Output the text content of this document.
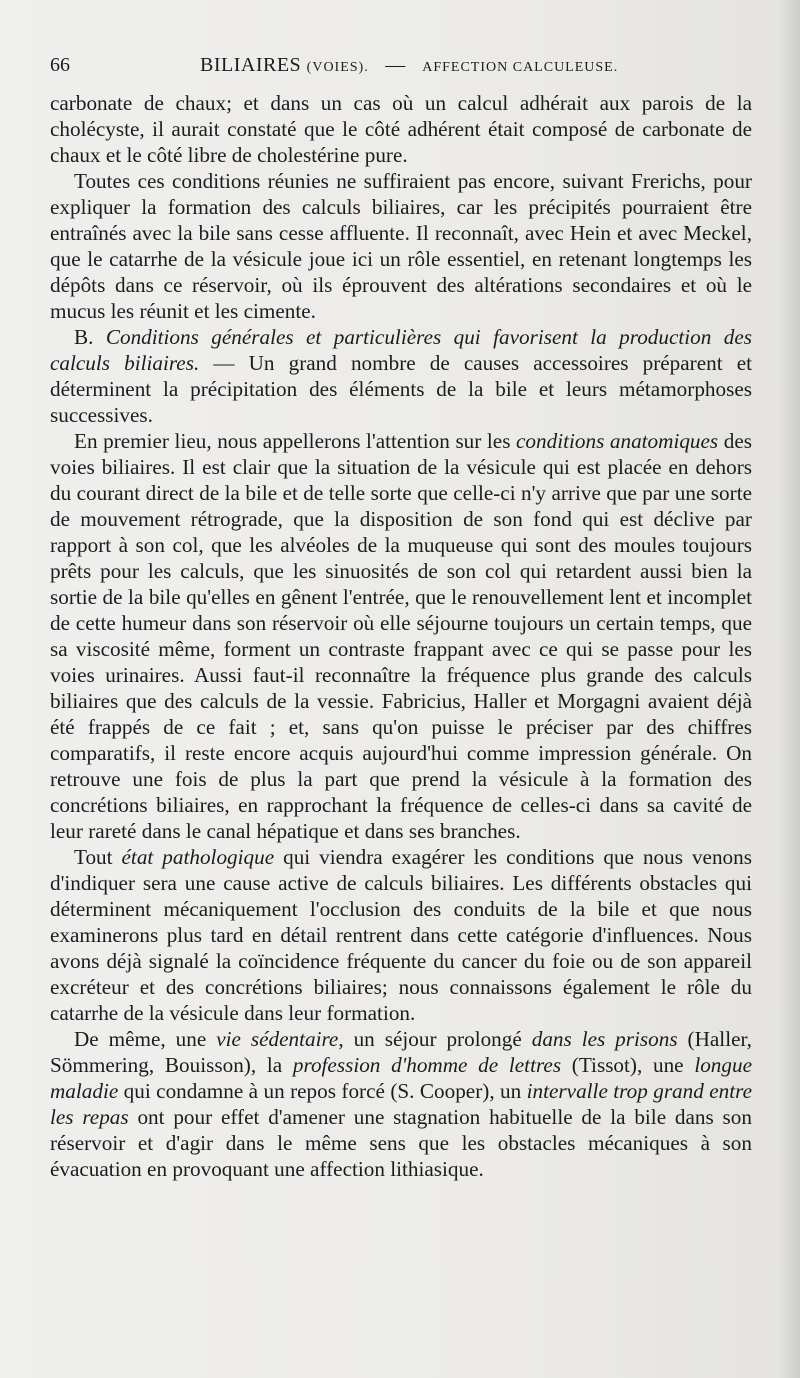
66	BILIAIRES (VOIES). — AFFECTION CALCULEUSE.

carbonate de chaux; et dans un cas où un calcul adhérait aux parois de la cholécyste, il aurait constaté que le côté adhérent était composé de carbonate de chaux et le côté libre de cholestérine pure.

Toutes ces conditions réunies ne suffiraient pas encore, suivant Frerichs, pour expliquer la formation des calculs biliaires, car les précipités pourraient être entraînés avec la bile sans cesse affluente. Il reconnaît, avec Hein et avec Meckel, que le catarrhe de la vésicule joue ici un rôle essentiel, en retenant longtemps les dépôts dans ce réservoir, où ils éprouvent des altérations secondaires et où le mucus les réunit et les cimente.

B. Conditions générales et particulières qui favorisent la production des calculs biliaires. — Un grand nombre de causes accessoires préparent et déterminent la précipitation des éléments de la bile et leurs métamorphoses successives.

En premier lieu, nous appellerons l'attention sur les conditions anatomiques des voies biliaires. Il est clair que la situation de la vésicule qui est placée en dehors du courant direct de la bile et de telle sorte que celle-ci n'y arrive que par une sorte de mouvement rétrograde, que la disposition de son fond qui est déclive par rapport à son col, que les alvéoles de la muqueuse qui sont des moules toujours prêts pour les calculs, que les sinuosités de son col qui retardent aussi bien la sortie de la bile qu'elles en gênent l'entrée, que le renouvellement lent et incomplet de cette humeur dans son réservoir où elle séjourne toujours un certain temps, que sa viscosité même, forment un contraste frappant avec ce qui se passe pour les voies urinaires. Aussi faut-il reconnaître la fréquence plus grande des calculs biliaires que des calculs de la vessie. Fabricius, Haller et Morgagni avaient déjà été frappés de ce fait ; et, sans qu'on puisse le préciser par des chiffres comparatifs, il reste encore acquis aujourd'hui comme impression générale. On retrouve une fois de plus la part que prend la vésicule à la formation des concrétions biliaires, en rapprochant la fréquence de celles-ci dans sa cavité de leur rareté dans le canal hépatique et dans ses branches.

Tout état pathologique qui viendra exagérer les conditions que nous venons d'indiquer sera une cause active de calculs biliaires. Les différents obstacles qui déterminent mécaniquement l'occlusion des conduits de la bile et que nous examinerons plus tard en détail rentrent dans cette catégorie d'influences. Nous avons déjà signalé la coïncidence fréquente du cancer du foie ou de son appareil excréteur et des concrétions biliaires; nous connaissons également le rôle du catarrhe de la vésicule dans leur formation.

De même, une vie sédentaire, un séjour prolongé dans les prisons (Haller, Sömmering, Bouisson), la profession d'homme de lettres (Tissot), une longue maladie qui condamne à un repos forcé (S. Cooper), un intervalle trop grand entre les repas ont pour effet d'amener une stagnation habituelle de la bile dans son réservoir et d'agir dans le même sens que les obstacles mécaniques à son évacuation en provoquant une affection lithiasique.
